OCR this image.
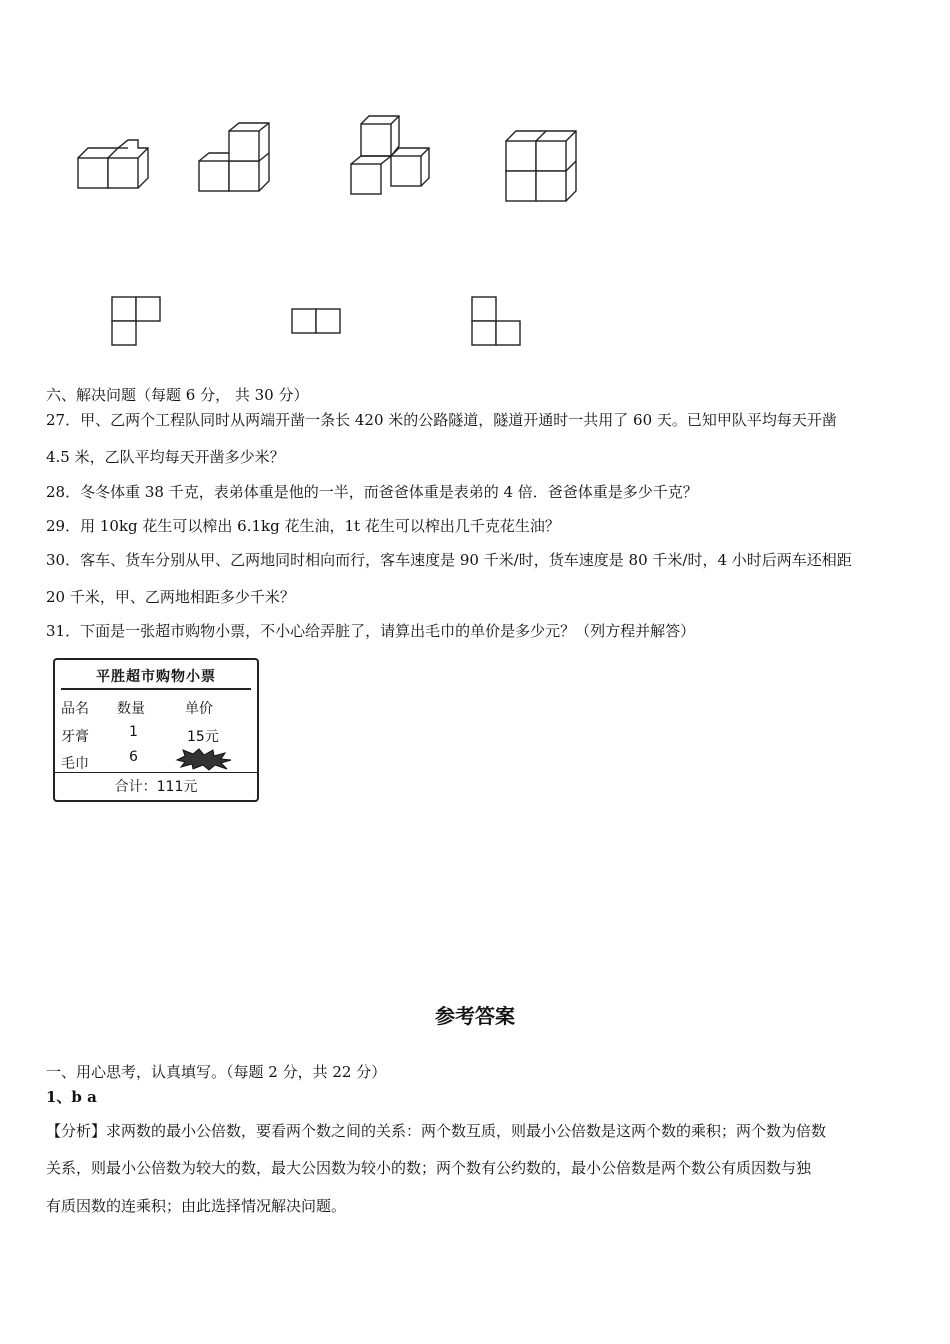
六、解决问题（每题 6 分， 共 30 分）
27．甲、乙两个工程队同时从两端开凿一条长 420 米的公路隧道，隧道开通时一共用了 60 天。已知甲队平均每天开凿
4.5 米，乙队平均每天开凿多少米？
28．冬冬体重 38 千克，表弟体重是他的一半，而爸爸体重是表弟的 4 倍．爸爸体重是多少千克？
29．用 10kg 花生可以榨出 6.1kg 花生油，1t 花生可以榨出几千克花生油？
30．客车、货车分别从甲、乙两地同时相向而行，客车速度是 90 千米/时，货车速度是 80 千米/时，4 小时后两车还相距
20 千米，甲、乙两地相距多少千米？
31．下面是一张超市购物小票，不小心给弄脏了，请算出毛巾的单价是多少元？（列方程并解答）
平胜超市购物小票
品名 数量	单价
牙膏	1	15元
毛巾	6
合计：111元
参考答案
一、用心思考，认真填写。（每题 2 分，共 22 分）
1、b a
【分析】求两数的最小公倍数，要看两个数之间的关系：两个数互质，则最小公倍数是这两个数的乘积；两个数为倍数
关系，则最小公倍数为较大的数，最大公因数为较小的数；两个数有公约数的，最小公倍数是两个数公有质因数与独
有质因数的连乘积；由此选择情况解决问题。
